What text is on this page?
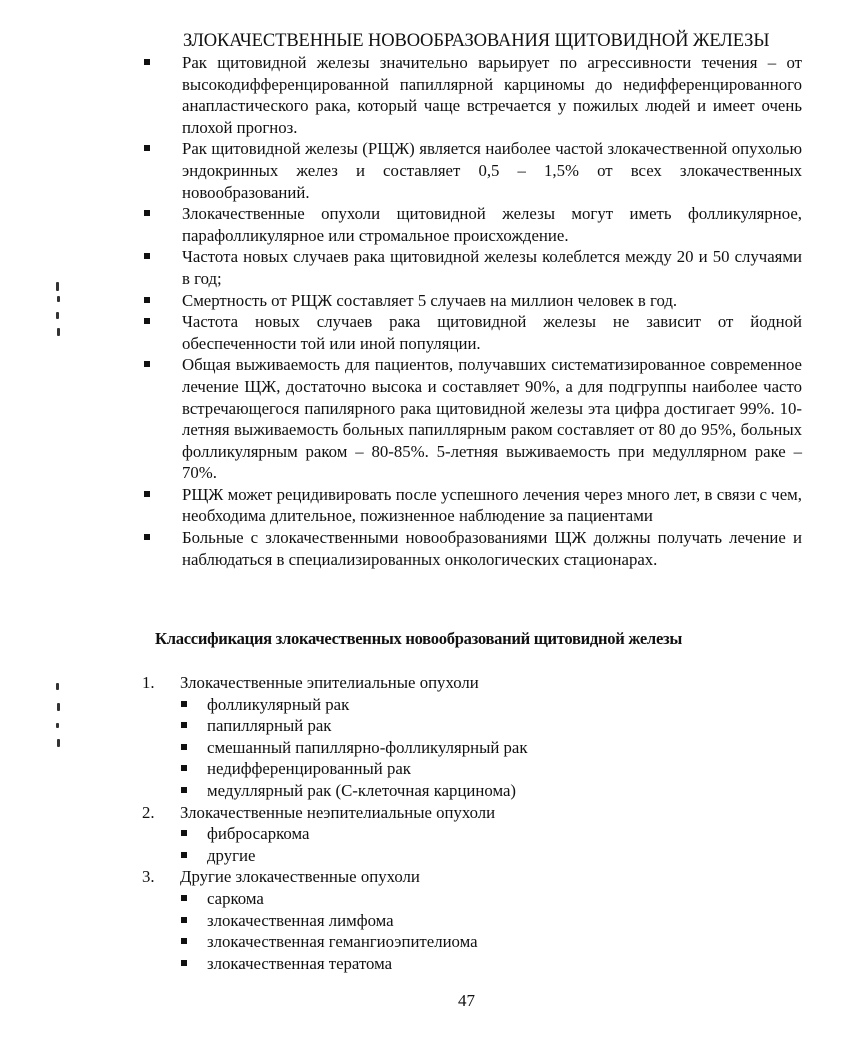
ЗЛОКАЧЕСТВЕННЫЕ НОВООБРАЗОВАНИЯ ЩИТОВИДНОЙ ЖЕЛЕЗЫ
Рак щитовидной железы значительно варьирует по агрессивности течения – от высокодифференцированной папиллярной карциномы до недифференцированного анапластического рака, который чаще встречается у пожилых людей и имеет очень плохой прогноз.
Рак щитовидной железы (РЩЖ) является наиболее частой злокачественной опухолью эндокринных желез и составляет 0,5 – 1,5% от всех злокачественных новообразований.
Злокачественные опухоли щитовидной железы могут иметь фолликулярное, парафолликулярное или стромальное происхождение.
Частота новых случаев рака щитовидной железы колеблется между 20 и 50 случаями в год;
Смертность от РЩЖ составляет 5 случаев на миллион человек в год.
Частота новых случаев рака щитовидной железы не зависит от йодной обеспеченности той или иной популяции.
Общая выживаемость для пациентов, получавших систематизированное современное лечение ЩЖ, достаточно высока и составляет 90%, а для подгруппы наиболее часто встречающегося папилярного рака щитовидной железы эта цифра достигает 99%. 10-летняя выживаемость больных папиллярным раком составляет от 80 до 95%, больных фолликулярным раком – 80-85%. 5-летняя выживаемость при медуллярном раке – 70%.
РЩЖ может рецидивировать после успешного лечения через много лет, в связи с чем, необходима длительное, пожизненное наблюдение за пациентами
Больные с злокачественными новообразованиями ЩЖ должны получать лечение и наблюдаться в специализированных онкологических стационарах.
Классификация злокачественных новообразований щитовидной железы
1.	Злокачественные эпителиальные опухоли
фолликулярный рак
папиллярный рак
смешанный папиллярно-фолликулярный рак
недифференцированный рак
медуллярный рак (С-клеточная карцинома)
2.	Злокачественные неэпителиальные опухоли
фибросаркома
другие
3.	Другие злокачественные опухоли
саркома
злокачественная лимфома
злокачественная гемангиоэпителиома
злокачественная тератома
47
